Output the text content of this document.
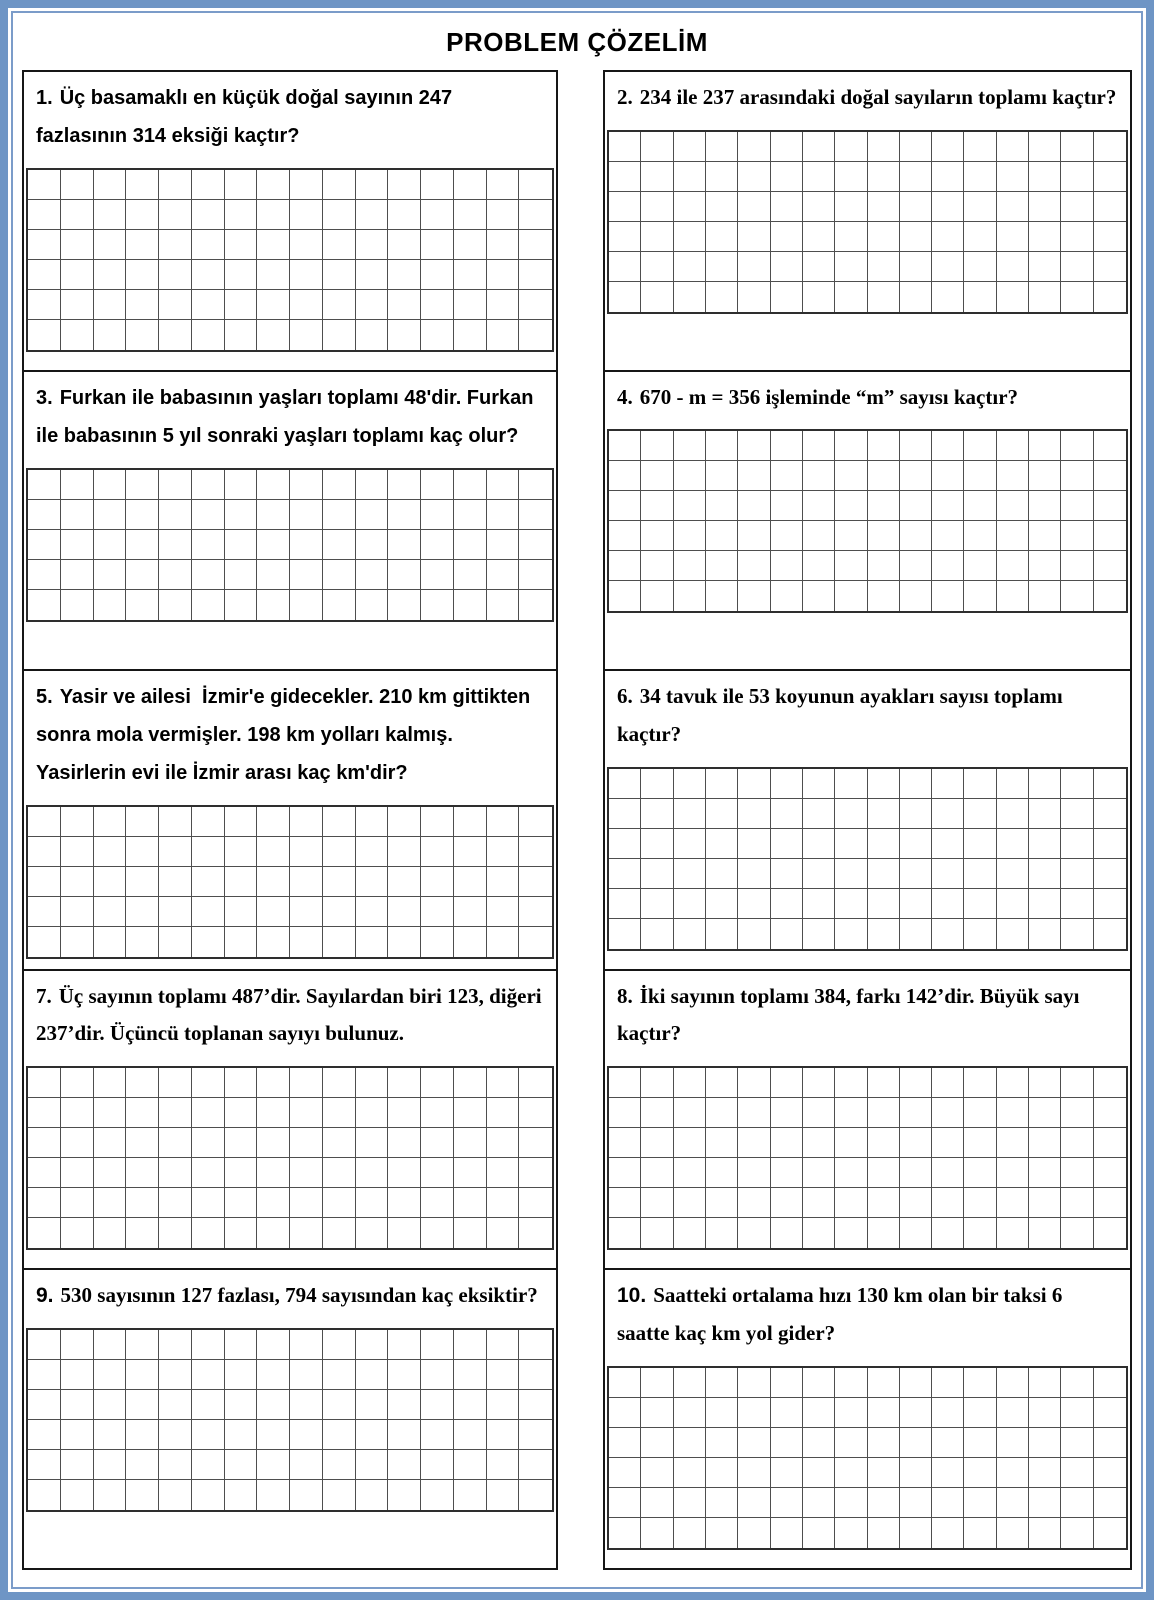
PROBLEM ÇÖZELİM

1. Üç basamaklı en küçük doğal sayının 247 fazlasının 314 eksiği kaçtır?

3. Furkan ile babasının yaşları toplamı 48'dir. Furkan ile babasının 5 yıl sonraki yaşları toplamı kaç olur?

5. Yasir ve ailesi  İzmir'e gidecekler. 210 km gittikten sonra mola vermişler. 198 km yolları kalmış. Yasirlerin evi ile İzmir arası kaç km'dir?

7. Üç sayının toplamı 487’dir. Sayılardan biri 123, diğeri 237’dir. Üçüncü toplanan sayıyı bulunuz.

9. 530 sayısının 127 fazlası, 794 sayısından kaç eksiktir?

2. 234 ile 237 arasındaki doğal sayıların toplamı kaçtır?

4. 670 - m = 356 işleminde “m” sayısı kaçtır?

6. 34 tavuk ile 53 koyunun ayakları sayısı toplamı kaçtır?

8. İki sayının toplamı 384, farkı 142’dir. Büyük sayı kaçtır?

10. Saatteki ortalama hızı 130 km olan bir taksi 6 saatte kaç km yol gider?
